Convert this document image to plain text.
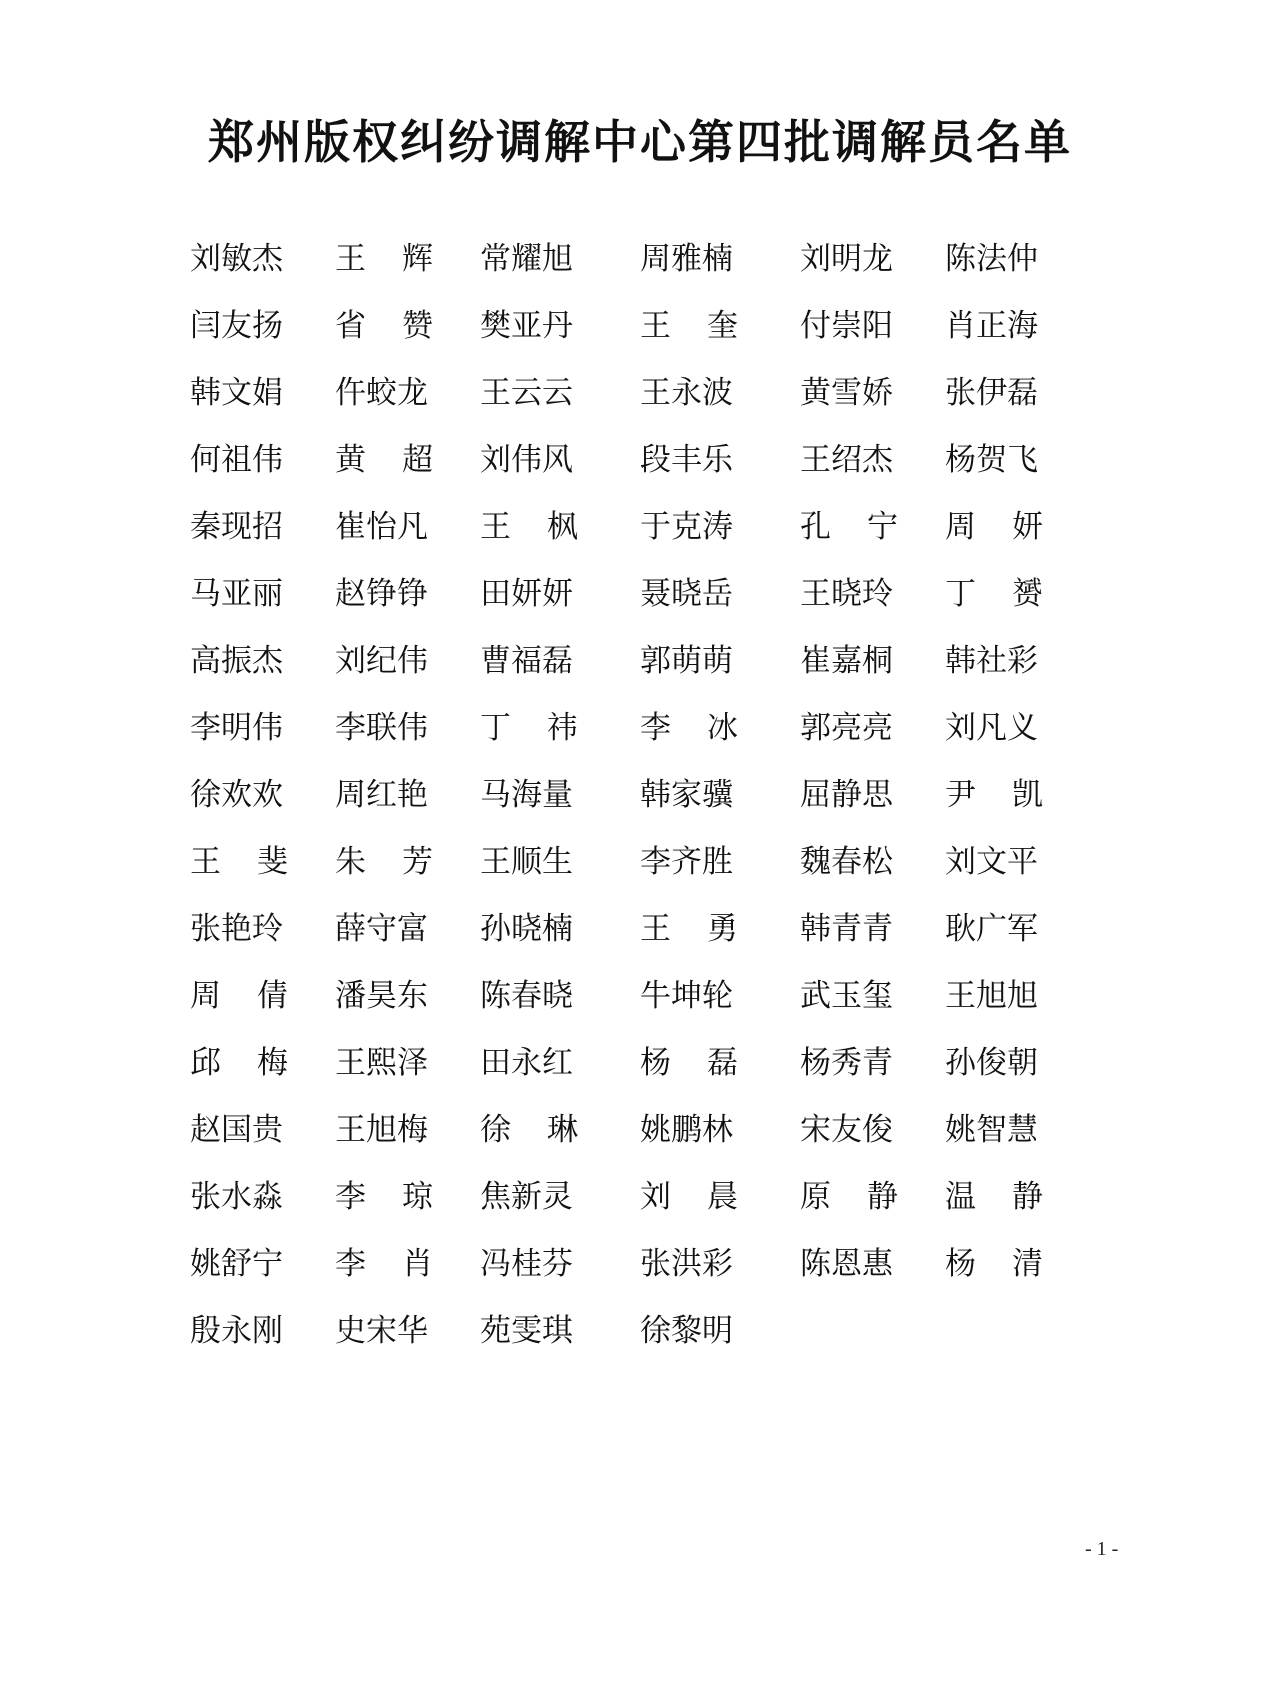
郑州版权纠纷调解中心第四批调解员名单
刘敏杰 王 辉 常耀旭 周雅楠 刘明龙 陈法仲
闫友扬 省 赞 樊亚丹 王 奎 付崇阳 肖正海
韩文娟 仵蛟龙 王云云 王永波 黄雪娇 张伊磊
何祖伟 黄 超 刘伟风 段丰乐 王绍杰 杨贺飞
秦现招 崔怡凡 王 枫 于克涛 孔 宁 周 妍
马亚丽 赵铮铮 田妍妍 聂晓岳 王晓玲 丁 赟
高振杰 刘纪伟 曹福磊 郭萌萌 崔嘉桐 韩社彩
李明伟 李联伟 丁 祎 李 冰 郭亮亮 刘凡义
徐欢欢 周红艳 马海量 韩家骥 屈静思 尹 凯
王 斐 朱 芳 王顺生 李齐胜 魏春松 刘文平
张艳玲 薛守富 孙晓楠 王 勇 韩青青 耿广军
周 倩 潘昊东 陈春晓 牛坤轮 武玉玺 王旭旭
邱 梅 王熙泽 田永红 杨 磊 杨秀青 孙俊朝
赵国贵 王旭梅 徐 琳 姚鹏林 宋友俊 姚智慧
张水淼 李 琼 焦新灵 刘 晨 原 静 温 静
姚舒宁 李 肖 冯桂芬 张洪彩 陈恩惠 杨 清
殷永刚 史宋华 苑雯琪 徐黎明
- 1 -
